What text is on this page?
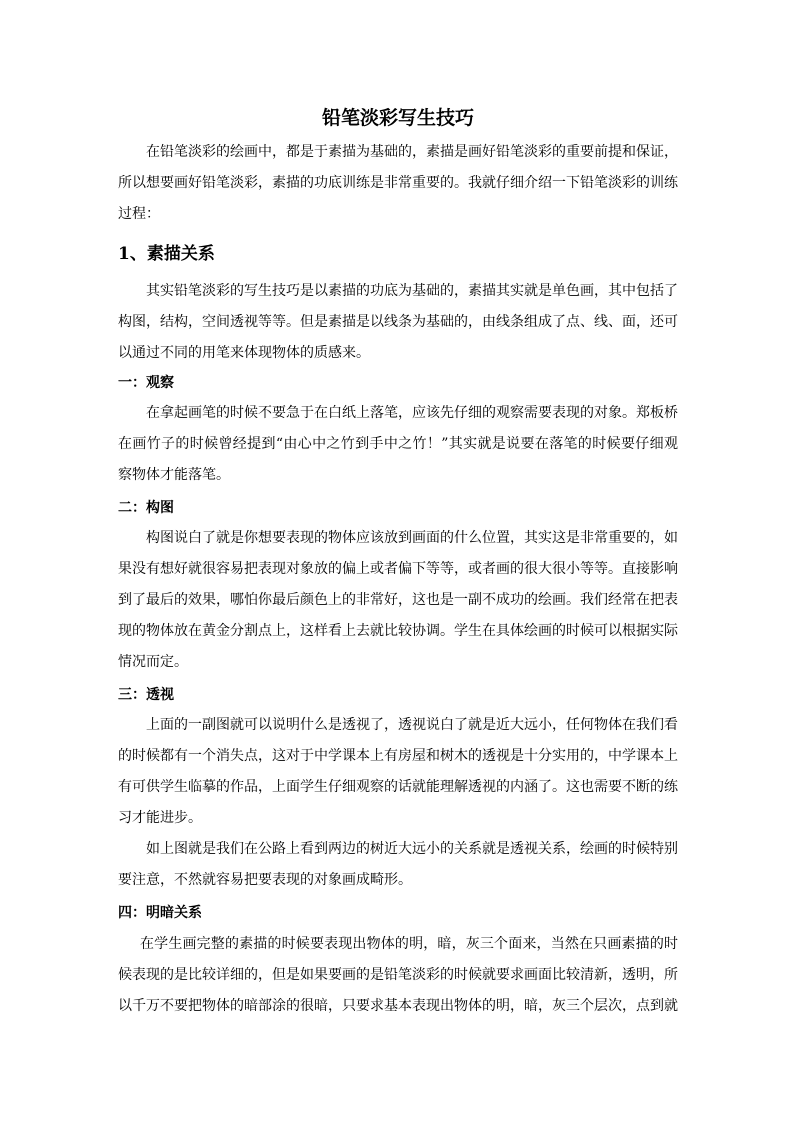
铅笔淡彩写生技巧
在铅笔淡彩的绘画中，都是于素描为基础的，素描是画好铅笔淡彩的重要前提和保证，所以想要画好铅笔淡彩，素描的功底训练是非常重要的。我就仔细介绍一下铅笔淡彩的训练过程：
1、素描关系
其实铅笔淡彩的写生技巧是以素描的功底为基础的，素描其实就是单色画，其中包括了构图，结构，空间透视等等。但是素描是以线条为基础的，由线条组成了点、线、面，还可以通过不同的用笔来体现物体的质感来。
一：观察
在拿起画笔的时候不要急于在白纸上落笔，应该先仔细的观察需要表现的对象。郑板桥在画竹子的时候曾经提到“由心中之竹到手中之竹！”其实就是说要在落笔的时候要仔细观察物体才能落笔。
二：构图
构图说白了就是你想要表现的物体应该放到画面的什么位置，其实这是非常重要的，如果没有想好就很容易把表现对象放的偏上或者偏下等等，或者画的很大很小等等。直接影响到了最后的效果，哪怕你最后颜色上的非常好，这也是一副不成功的绘画。我们经常在把表现的物体放在黄金分割点上，这样看上去就比较协调。学生在具体绘画的时候可以根据实际情况而定。
三：透视
上面的一副图就可以说明什么是透视了，透视说白了就是近大远小，任何物体在我们看的时候都有一个消失点，这对于中学课本上有房屋和树木的透视是十分实用的，中学课本上有可供学生临摹的作品，上面学生仔细观察的话就能理解透视的内涵了。这也需要不断的练习才能进步。
如上图就是我们在公路上看到两边的树近大远小的关系就是透视关系，绘画的时候特别要注意，不然就容易把要表现的对象画成畸形。
四：明暗关系
在学生画完整的素描的时候要表现出物体的明，暗，灰三个面来，当然在只画素描的时候表现的是比较详细的，但是如果要画的是铅笔淡彩的时候就要求画面比较清新，透明，所以千万不要把物体的暗部涂的很暗，只要求基本表现出物体的明，暗，灰三个层次，点到就
